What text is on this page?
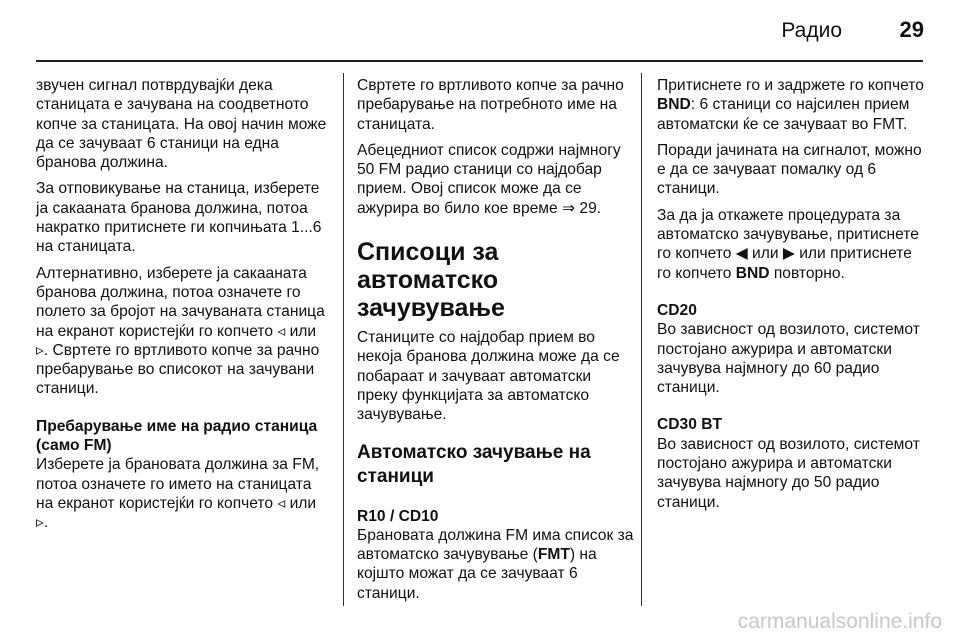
Радио	29

звучен сигнал потврдувајќи дека станицата е зачувана на соодветното копче за станицата. На овој начин може да се зачуваат 6 станици на една бранова должина.

За отповикување на станица, изберете ја сакааната бранова должина, потоа накратко притиснете ги копчињата 1...6 на станицата.

Алтернативно, изберете ја сакааната бранова должина, потоа означете го полето за бројот на зачуваната станица на екранот користејќи го копчето ◃ или ▹. Свртете го вртливото копче за рачно пребарување во списокот на зачувани станици.

Пребарување име на радио станица (само FM)

Изберете ја брановата должина за FM, потоа означете го името на станицата на екранот користејќи го копчето ◃ или ▹.

Свртете го вртливото копче за рачно пребарување на потребното име на станицата.

Абецедниот список содржи најмногу 50 FM радио станици со најдобар прием. Овој список може да се ажурира во било кое време ⇒ 29.

Списоци за автоматско зачувување

Станиците со најдобар прием во некоја бранова должина може да се побараат и зачуваат автоматски преку функцијата за автоматско зачувување.

Автоматско зачување на станици
R10 / CD10

Брановата должина FM има список за автоматско зачувување (FMT) на којшто можат да се зачуваат 6 станици.

Притиснете го и задржете го копчето BND: 6 станици со најсилен прием автоматски ќе се зачуваат во FMT.

Поради јачината на сигналот, можно е да се зачуваат помалку од 6 станици.

За да ја откажете процедурата за автоматско зачувување, притиснете го копчето ◀ или ▶ или притиснете го копчето BND повторно.

CD20

Во зависност од возилото, системот постојано ажурира и автоматски зачувува најмногу до 60 радио станици.

CD30 BT

Во зависност од возилото, системот постојано ажурира и автоматски зачувува најмногу до 50 радио станици.

carmanualsonline.info
